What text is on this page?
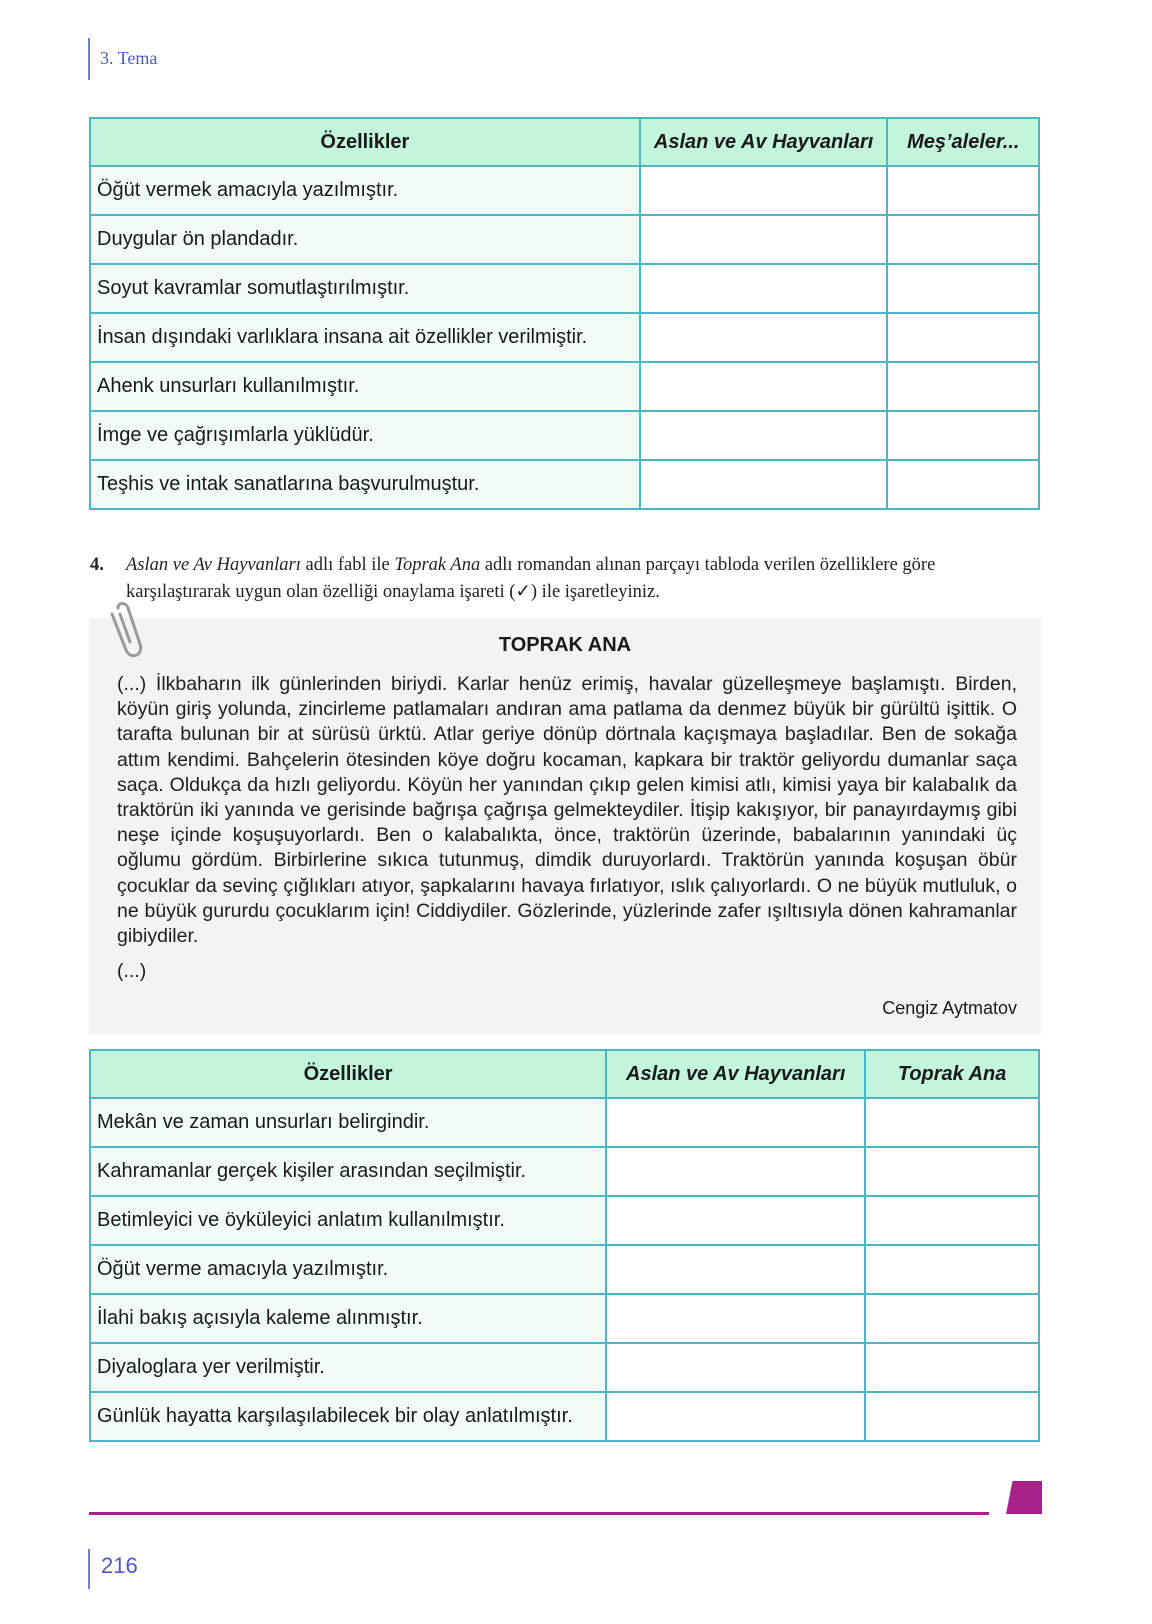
3. Tema
Özellikler	Aslan ve Av Hayvanları	Meş’aleler...
Öğüt vermek amacıyla yazılmıştır.		
Duygular ön plandadır.		
Soyut kavramlar somutlaştırılmıştır.		
İnsan dışındaki varlıklara insana ait özellikler verilmiştir.		
Ahenk unsurları kullanılmıştır.		
İmge ve çağrışımlarla yüklüdür.		
Teşhis ve intak sanatlarına başvurulmuştur.		
4. Aslan ve Av Hayvanları adlı fabl ile Toprak Ana adlı romandan alınan parçayı tabloda verilen özelliklere göre karşılaştırarak uygun olan özelliği onaylama işareti (✓) ile işaretleyiniz.
TOPRAK ANA

(...) İlkbaharın ilk günlerinden biriydi. Karlar henüz erimiş, havalar güzelleşmeye başlamıştı. Birden, köyün giriş yolunda, zincirleme patlamaları andıran ama patlama da denmez büyük bir gürültü işittik. O tarafta bulunan bir at sürüsü ürktü. Atlar geriye dönüp dörtnala kaçışmaya başladılar. Ben de sokağa attım kendimi. Bahçelerin ötesinden köye doğru kocaman, kapkara bir traktör geliyordu dumanlar saça saça. Oldukça da hızlı geliyordu. Köyün her yanından çıkıp gelen kimisi atlı, kimisi yaya bir kalabalık da traktörün iki yanında ve gerisinde bağrışa çağrışa gelmekteydiler. İtişip kakışıyor, bir panayırdaymış gibi neşe içinde koşuşuyorlardı. Ben o kalabalıkta, önce, traktörün üzerinde, babalarının yanındaki üç oğlumu gördüm. Birbirlerine sıkıca tutunmuş, dimdik duruyorlardı. Traktörün yanında koşuşan öbür çocuklar da sevinç çığlıkları atıyor, şapkalarını havaya fırlatıyor, ıslık çalıyorlardı. O ne büyük mutluluk, o ne büyük gururdu çocuklarım için! Ciddiydiler. Gözlerinde, yüzlerinde zafer ışıltısıyla dönen kahramanlar gibiydiler.

(...)
Cengiz Aytmatov
Özellikler	Aslan ve Av Hayvanları	Toprak Ana
Mekân ve zaman unsurları belirgindir.		
Kahramanlar gerçek kişiler arasından seçilmiştir.		
Betimleyici ve öyküleyici anlatım kullanılmıştır.		
Öğüt verme amacıyla yazılmıştır.		
İlahi bakış açısıyla kaleme alınmıştır.		
Diyaloglara yer verilmiştir.		
Günlük hayatta karşılaşılabilecek bir olay anlatılmıştır.		
216
